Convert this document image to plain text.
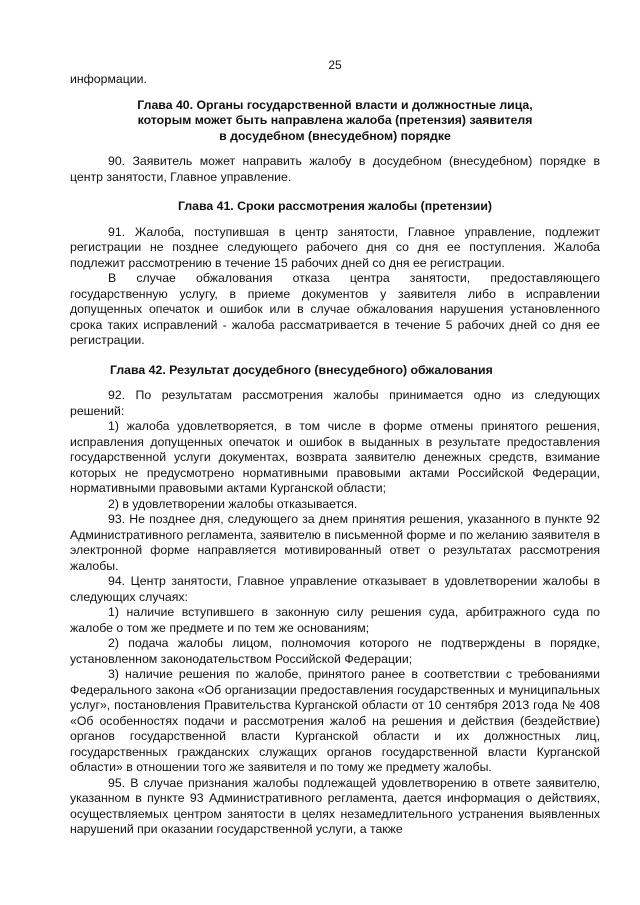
25

информации.

Глава 40. Органы государственной власти и должностные лица,
которым может быть направлена жалоба (претензия) заявителя
в досудебном (внесудебном) порядке

90. Заявитель может направить жалобу в досудебном (внесудебном) порядке в центр занятости, Главное управление.

Глава 41. Сроки рассмотрения жалобы (претензии)

91. Жалоба, поступившая в центр занятости, Главное управление, подлежит регистрации не позднее следующего рабочего дня со дня ее поступления. Жалоба подлежит рассмотрению в течение 15 рабочих дней со дня ее регистрации.

В случае обжалования отказа центра занятости, предоставляющего государственную услугу, в приеме документов у заявителя либо в исправлении допущенных опечаток и ошибок или в случае обжалования нарушения установленного срока таких исправлений - жалоба рассматривается в течение 5 рабочих дней со дня ее регистрации.

Глава 42. Результат досудебного (внесудебного) обжалования

92. По результатам рассмотрения жалобы принимается одно из следующих решений:

1) жалоба удовлетворяется, в том числе в форме отмены принятого решения, исправления допущенных опечаток и ошибок в выданных в результате предоставления государственной услуги документах, возврата заявителю денежных средств, взимание которых не предусмотрено нормативными правовыми актами Российской Федерации, нормативными правовыми актами Курганской области;

2) в удовлетворении жалобы отказывается.

93. Не позднее дня, следующего за днем принятия решения, указанного в пункте 92 Административного регламента, заявителю в письменной форме и по желанию заявителя в электронной форме направляется мотивированный ответ о результатах рассмотрения жалобы.

94. Центр занятости, Главное управление отказывает в удовлетворении жалобы в следующих случаях:

1) наличие вступившего в законную силу решения суда, арбитражного суда по жалобе о том же предмете и по тем же основаниям;

2) подача жалобы лицом, полномочия которого не подтверждены в порядке, установленном законодательством Российской Федерации;

3) наличие решения по жалобе, принятого ранее в соответствии с требованиями Федерального закона «Об организации предоставления государственных и муниципальных услуг», постановления Правительства Курганской области от 10 сентября 2013 года № 408 «Об особенностях подачи и рассмотрения жалоб на решения и действия (бездействие) органов государственной власти Курганской области и их должностных лиц, государственных гражданских служащих органов государственной власти Курганской области» в отношении того же заявителя и по тому же предмету жалобы.

95. В случае признания жалобы подлежащей удовлетворению в ответе заявителю, указанном в пункте 93 Административного регламента, дается информация о действиях, осуществляемых центром занятости в целях незамедлительного устранения выявленных нарушений при оказании государственной услуги, а также
